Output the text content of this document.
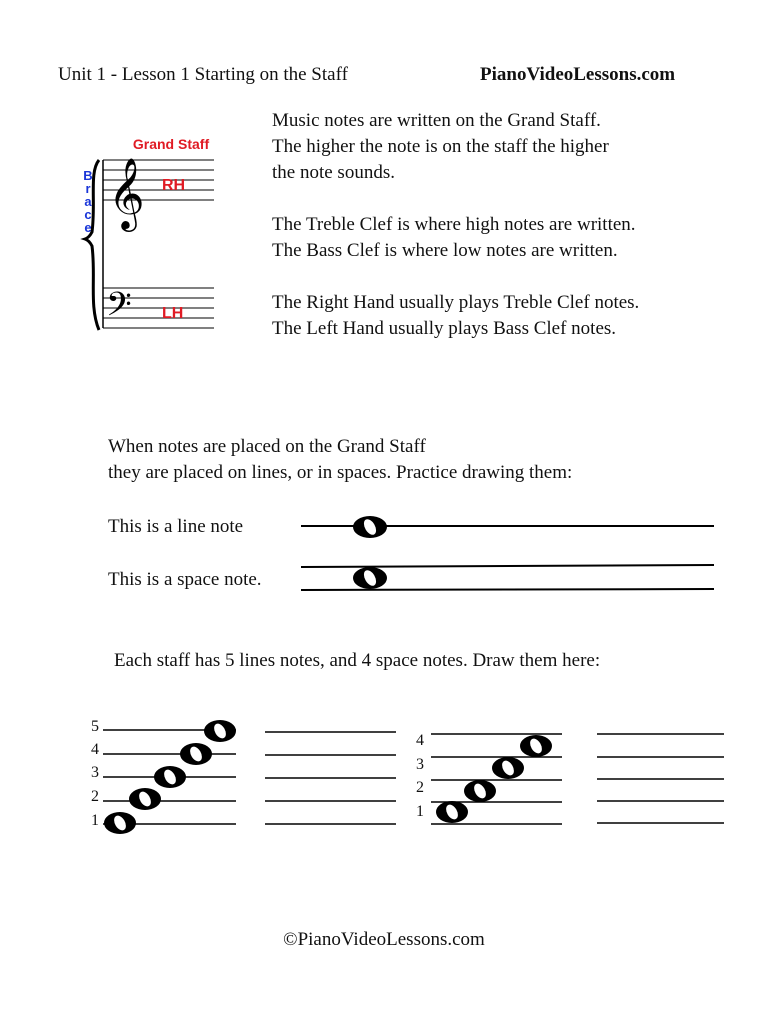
Unit 1 - Lesson 1 Starting on the Staff	PianoVideoLessons.com
Grand Staff
B
r
a
c
e 𝄞 RH
𝄢 LH

Music notes are written on the Grand Staff.

The higher the note is on the staff the higher

the note sounds.

The Treble Clef is where high notes are written.

The Bass Clef is where low notes are written.

The Right Hand usually plays Treble Clef notes.

The Left Hand usually plays Bass Clef notes.

When notes are placed on the Grand Staff

they are placed on lines, or in spaces. Practice drawing them:

This is a line note
This is a space note.
Each staff has 5 lines notes, and 4 space notes. Draw them here:
5
4
3
2
1
4
3
2
1
©PianoVideoLessons.com
